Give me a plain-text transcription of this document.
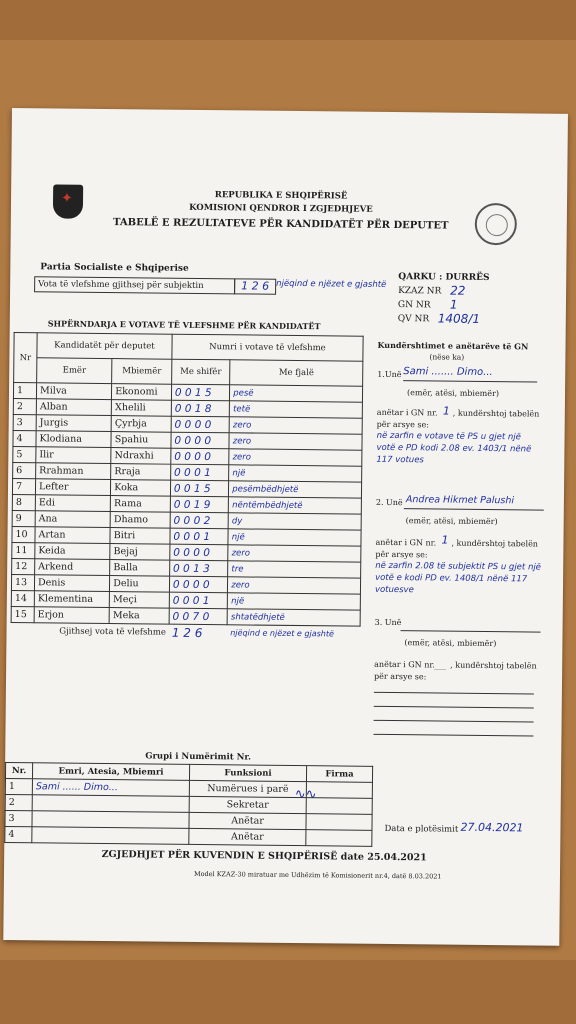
✦
REPUBLIKA E SHQIPËRISË
KOMISIONI QENDROR I ZGJEDHJEVE
TABELË E REZULTATEVE PËR KANDIDATËT PËR DEPUTET
Partia Socialiste e Shqiperise
Vota të vlefshme gjithsej për subjektin	1 2 6 njëqind e njëzet e gjashtë
QARKU : DURRËS
KZAZ NR 22
GN NR 1
QV NR 1408/1
SHPËRNDARJA E VOTAVE TË VLEFSHME PËR KANDIDATËT
Nr	Kandidatët për deputet		Numri i votave të vlefshme	
	Emër	Mbiemër	Me shifër	Me fjalë
1	Milva	Ekonomi	0 0 1 5	pesë
2	Alban	Xhelili	0 0 1 8	tetë
3	Jurgis	Çyrbja	0 0 0 0	zero
4	Klodiana	Spahiu	0 0 0 0	zero
5	Ilir	Ndraxhi	0 0 0 0	zero
6	Rrahman	Rraja	0 0 0 1	një
7	Lefter	Koka	0 0 1 5	pesëmbëdhjetë
8	Edi	Rama	0 0 1 9	nëntëmbëdhjetë
9	Ana	Dhamo	0 0 0 2	dy
10	Artan	Bitri	0 0 0 1	një
11	Keida	Bejaj	0 0 0 0	zero
12	Arkend	Balla	0 0 1 3	tre
13	Denis	Deliu	0 0 0 0	zero
14	Klementina	Meçi	0 0 0 1	një
15	Erjon	Meka	0 0 7 0	shtatëdhjetë
Gjithsej vota të vlefshme			1 2 6	njëqind e njëzet e gjashtë
Kundërshtimet e anëtarëve të GN
(nëse ka)
1.Unë Sami ....... Dimo...
(emër, atësi, mbiemër)
anëtar i GN nr. 1 , kundërshtoj tabelën
për arsye se:
në zarfin e votave të PS u gjet një votë e PD kodi 2.08 ev. 1403/1 nënë 117 votues
2. Unë Andrea Hikmet Palushi
(emër, atësi, mbiemër)
anëtar i GN nr. 1 , kundërshtoj tabelën
për arsye se:
në zarfin 2.08 të subjektit PS u gjet një votë e kodi PD ev. 1408/1 nënë 117 votuesve
3. Unë
(emër, atësi, mbiemër)
anëtar i GN nr. ___ , kundërshtoj tabelën
për arsye se:
Grupi i Numërimit Nr.
Nr.	Emri, Atesia, Mbiemri	Funksioni	Firma
1	Sami ...... Dimo...	Numërues i parë	
2		Sekretar	
3		Anëtar	
4		Anëtar	
∿∿
Data e plotësimit 27.04.2021
ZGJEDHJET PËR KUVENDIN E SHQIPËRISË date 25.04.2021
Model KZAZ-30 miratuar me Udhëzim të Komisionerit nr.4, datë 8.03.2021
